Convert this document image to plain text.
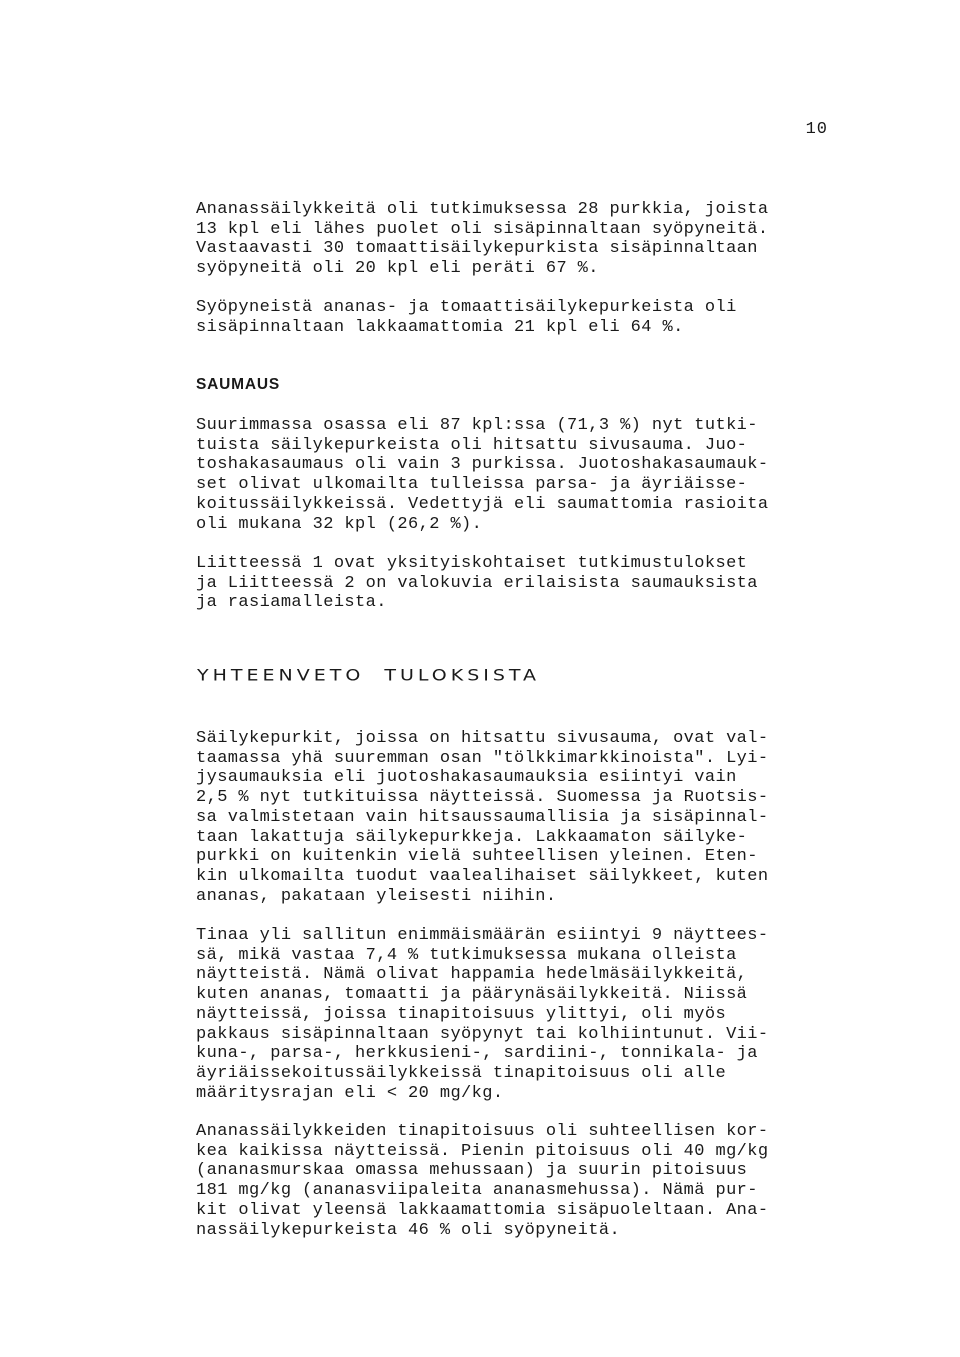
10

Ananassäilykkeitä oli tutkimuksessa 28 purkkia, joista
13 kpl eli lähes puolet oli sisäpinnaltaan syöpyneitä.
Vastaavasti 30 tomaattisäilykepurkista sisäpinnaltaan
syöpyneitä oli 20 kpl eli peräti 67 %.

Syöpyneistä ananas- ja tomaattisäilykepurkeista oli
sisäpinnaltaan lakkaamattomia 21 kpl eli 64 %.

SAUMAUS

Suurimmassa osassa eli 87 kpl:ssa (71,3 %) nyt tutki-
tuista säilykepurkeista oli hitsattu sivusauma. Juo-
toshakasaumaus oli vain 3 purkissa. Juotoshakasaumauk-
set olivat ulkomailta tulleissa parsa- ja äyriäisse-
koitussäilykkeissä. Vedettyjä eli saumattomia rasioita
oli mukana 32 kpl (26,2 %).

Liitteessä 1 ovat yksityiskohtaiset tutkimustulokset
ja Liitteessä 2 on valokuvia erilaisista saumauksista
ja rasiamalleista.

YHTEENVETO  TULOKSISTA

Säilykepurkit, joissa on hitsattu sivusauma, ovat val-
taamassa yhä suuremman osan "tölkkimarkkinoista". Lyi-
jysaumauksia eli juotoshakasaumauksia esiintyi vain
2,5 % nyt tutkituissa näytteissä. Suomessa ja Ruotsis-
sa valmistetaan vain hitsaussaumallisia ja sisäpinnal-
taan lakattuja säilykepurkkeja. Lakkaamaton säilyke-
purkki on kuitenkin vielä suhteellisen yleinen. Eten-
kin ulkomailta tuodut vaalealihaiset säilykkeet, kuten
ananas, pakataan yleisesti niihin.

Tinaa yli sallitun enimmäismäärän esiintyi 9 näyttees-
sä, mikä vastaa 7,4 % tutkimuksessa mukana olleista
näytteistä. Nämä olivat happamia hedelmäsäilykkeitä,
kuten ananas, tomaatti ja päärynäsäilykkeitä. Niissä
näytteissä, joissa tinapitoisuus ylittyi, oli myös
pakkaus sisäpinnaltaan syöpynyt tai kolhiintunut. Vii-
kuna-, parsa-, herkkusieni-, sardiini-, tonnikala- ja
äyriäissekoitussäilykkeissä tinapitoisuus oli alle
määritysrajan eli < 20 mg/kg.

Ananassäilykkeiden tinapitoisuus oli suhteellisen kor-
kea kaikissa näytteissä. Pienin pitoisuus oli 40 mg/kg
(ananasmurskaa omassa mehussaan) ja suurin pitoisuus
181 mg/kg (ananasviipaleita ananasmehussa). Nämä pur-
kit olivat yleensä lakkaamattomia sisäpuoleltaan. Ana-
nassäilykepurkeista 46 % oli syöpyneitä.
